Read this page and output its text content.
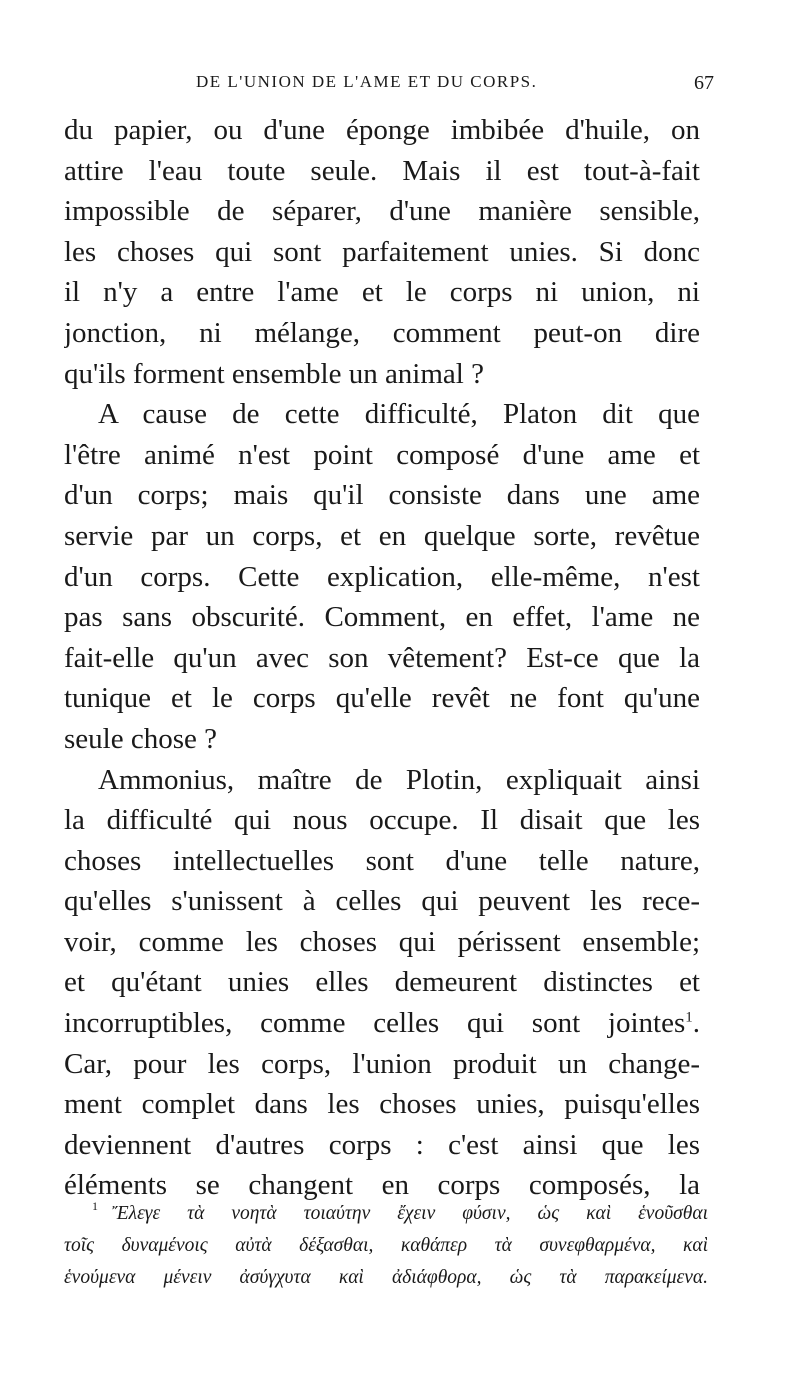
DE L'UNION DE L'AME ET DU CORPS.	67
du papier, ou d'une éponge imbibée d'huile, on
attire l'eau toute seule. Mais il est tout-à-fait
impossible de séparer, d'une manière sensible,
les choses qui sont parfaitement unies. Si donc
il n'y a entre l'ame et le corps ni union, ni
jonction, ni mélange, comment peut-on dire
qu'ils forment ensemble un animal ?
A cause de cette difficulté, Platon dit que
l'être animé n'est point composé d'une ame et
d'un corps; mais qu'il consiste dans une ame
servie par un corps, et en quelque sorte, revêtue
d'un corps. Cette explication, elle-même, n'est
pas sans obscurité. Comment, en effet, l'ame ne
fait-elle qu'un avec son vêtement? Est-ce que la
tunique et le corps qu'elle revêt ne font qu'une
seule chose ?
Ammonius, maître de Plotin, expliquait ainsi
la difficulté qui nous occupe. Il disait que les
choses intellectuelles sont d'une telle nature,
qu'elles s'unissent à celles qui peuvent les rece-
voir, comme les choses qui périssent ensemble;
et qu'étant unies elles demeurent distinctes et
incorruptibles, comme celles qui sont jointes$^1$.
Car, pour les corps, l'union produit un change-
ment complet dans les choses unies, puisqu'elles
deviennent d'autres corps : c'est ainsi que les
éléments se changent en corps composés, la
1 Ἔλεγε τὰ νοητὰ τοιαύτην ἔχειν φύσιν, ὡς καὶ ἑνοῦσθαι
τοῖς δυναμένοις αὐτὰ δέξασθαι, καθάπερ τὰ συνεφθαρμένα, καὶ
ἑνούμενα μένειν ἀσύγχυτα καὶ ἀδιάφθορα, ὡς τὰ παρακείμενα.
